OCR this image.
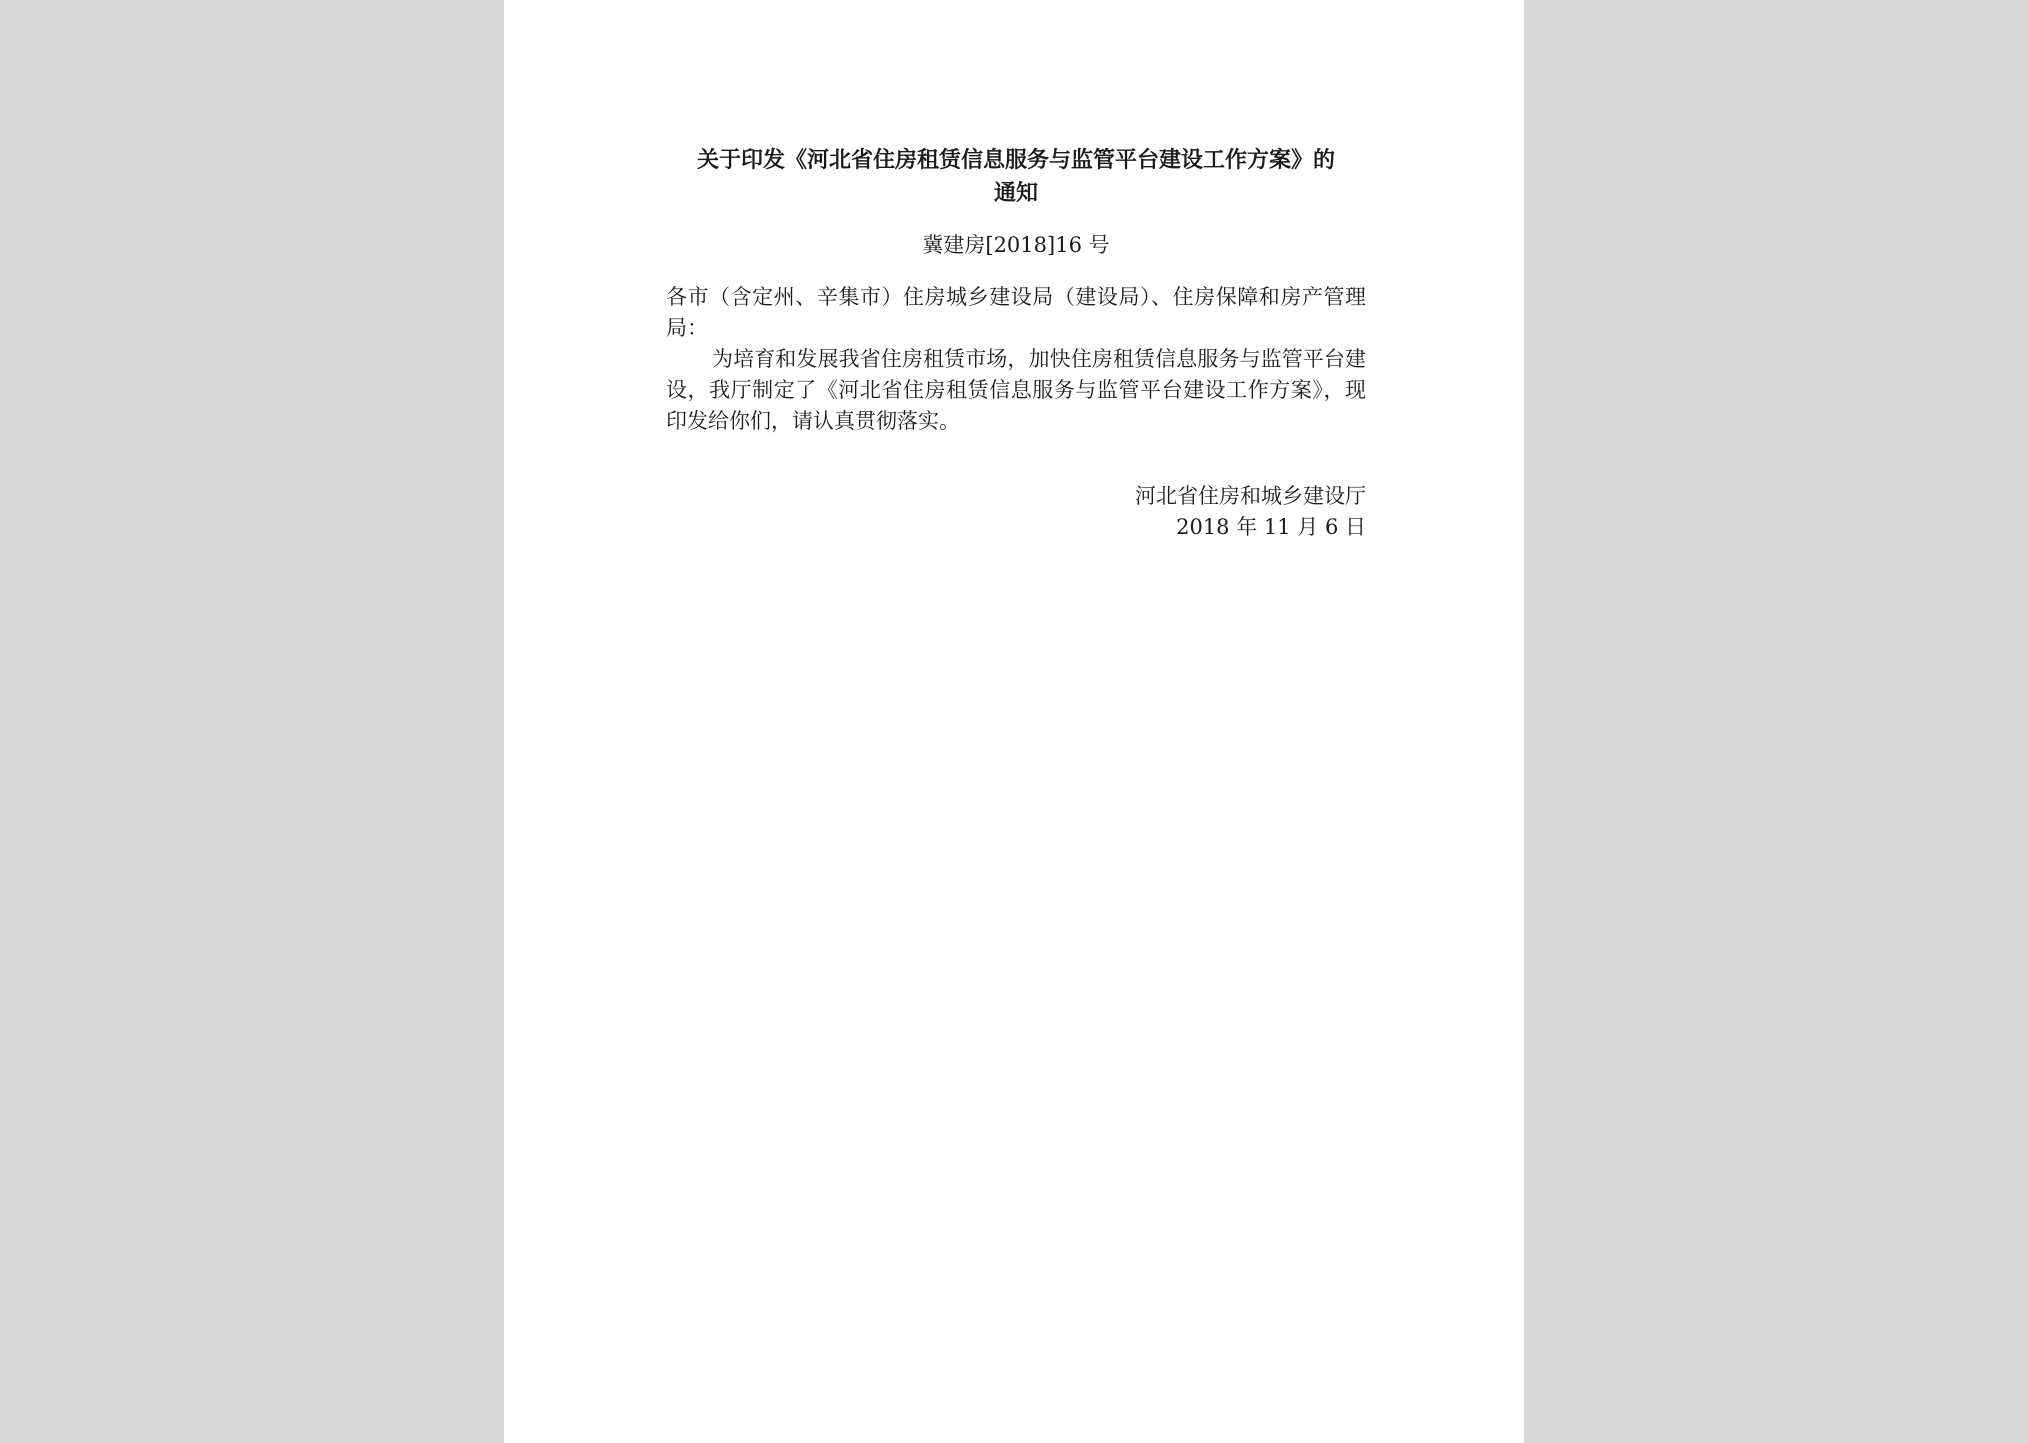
关于印发《河北省住房租赁信息服务与监管平台建设工作方案》的
通知
冀建房[2018]16 号

各市（含定州、辛集市）住房城乡建设局（建设局）、住房保障和房产管理局：

为培育和发展我省住房租赁市场，加快住房租赁信息服务与监管平台建设，我厅制定了《河北省住房租赁信息服务与监管平台建设工作方案》，现印发给你们，请认真贯彻落实。

河北省住房和城乡建设厅
2018 年 11 月 6 日
